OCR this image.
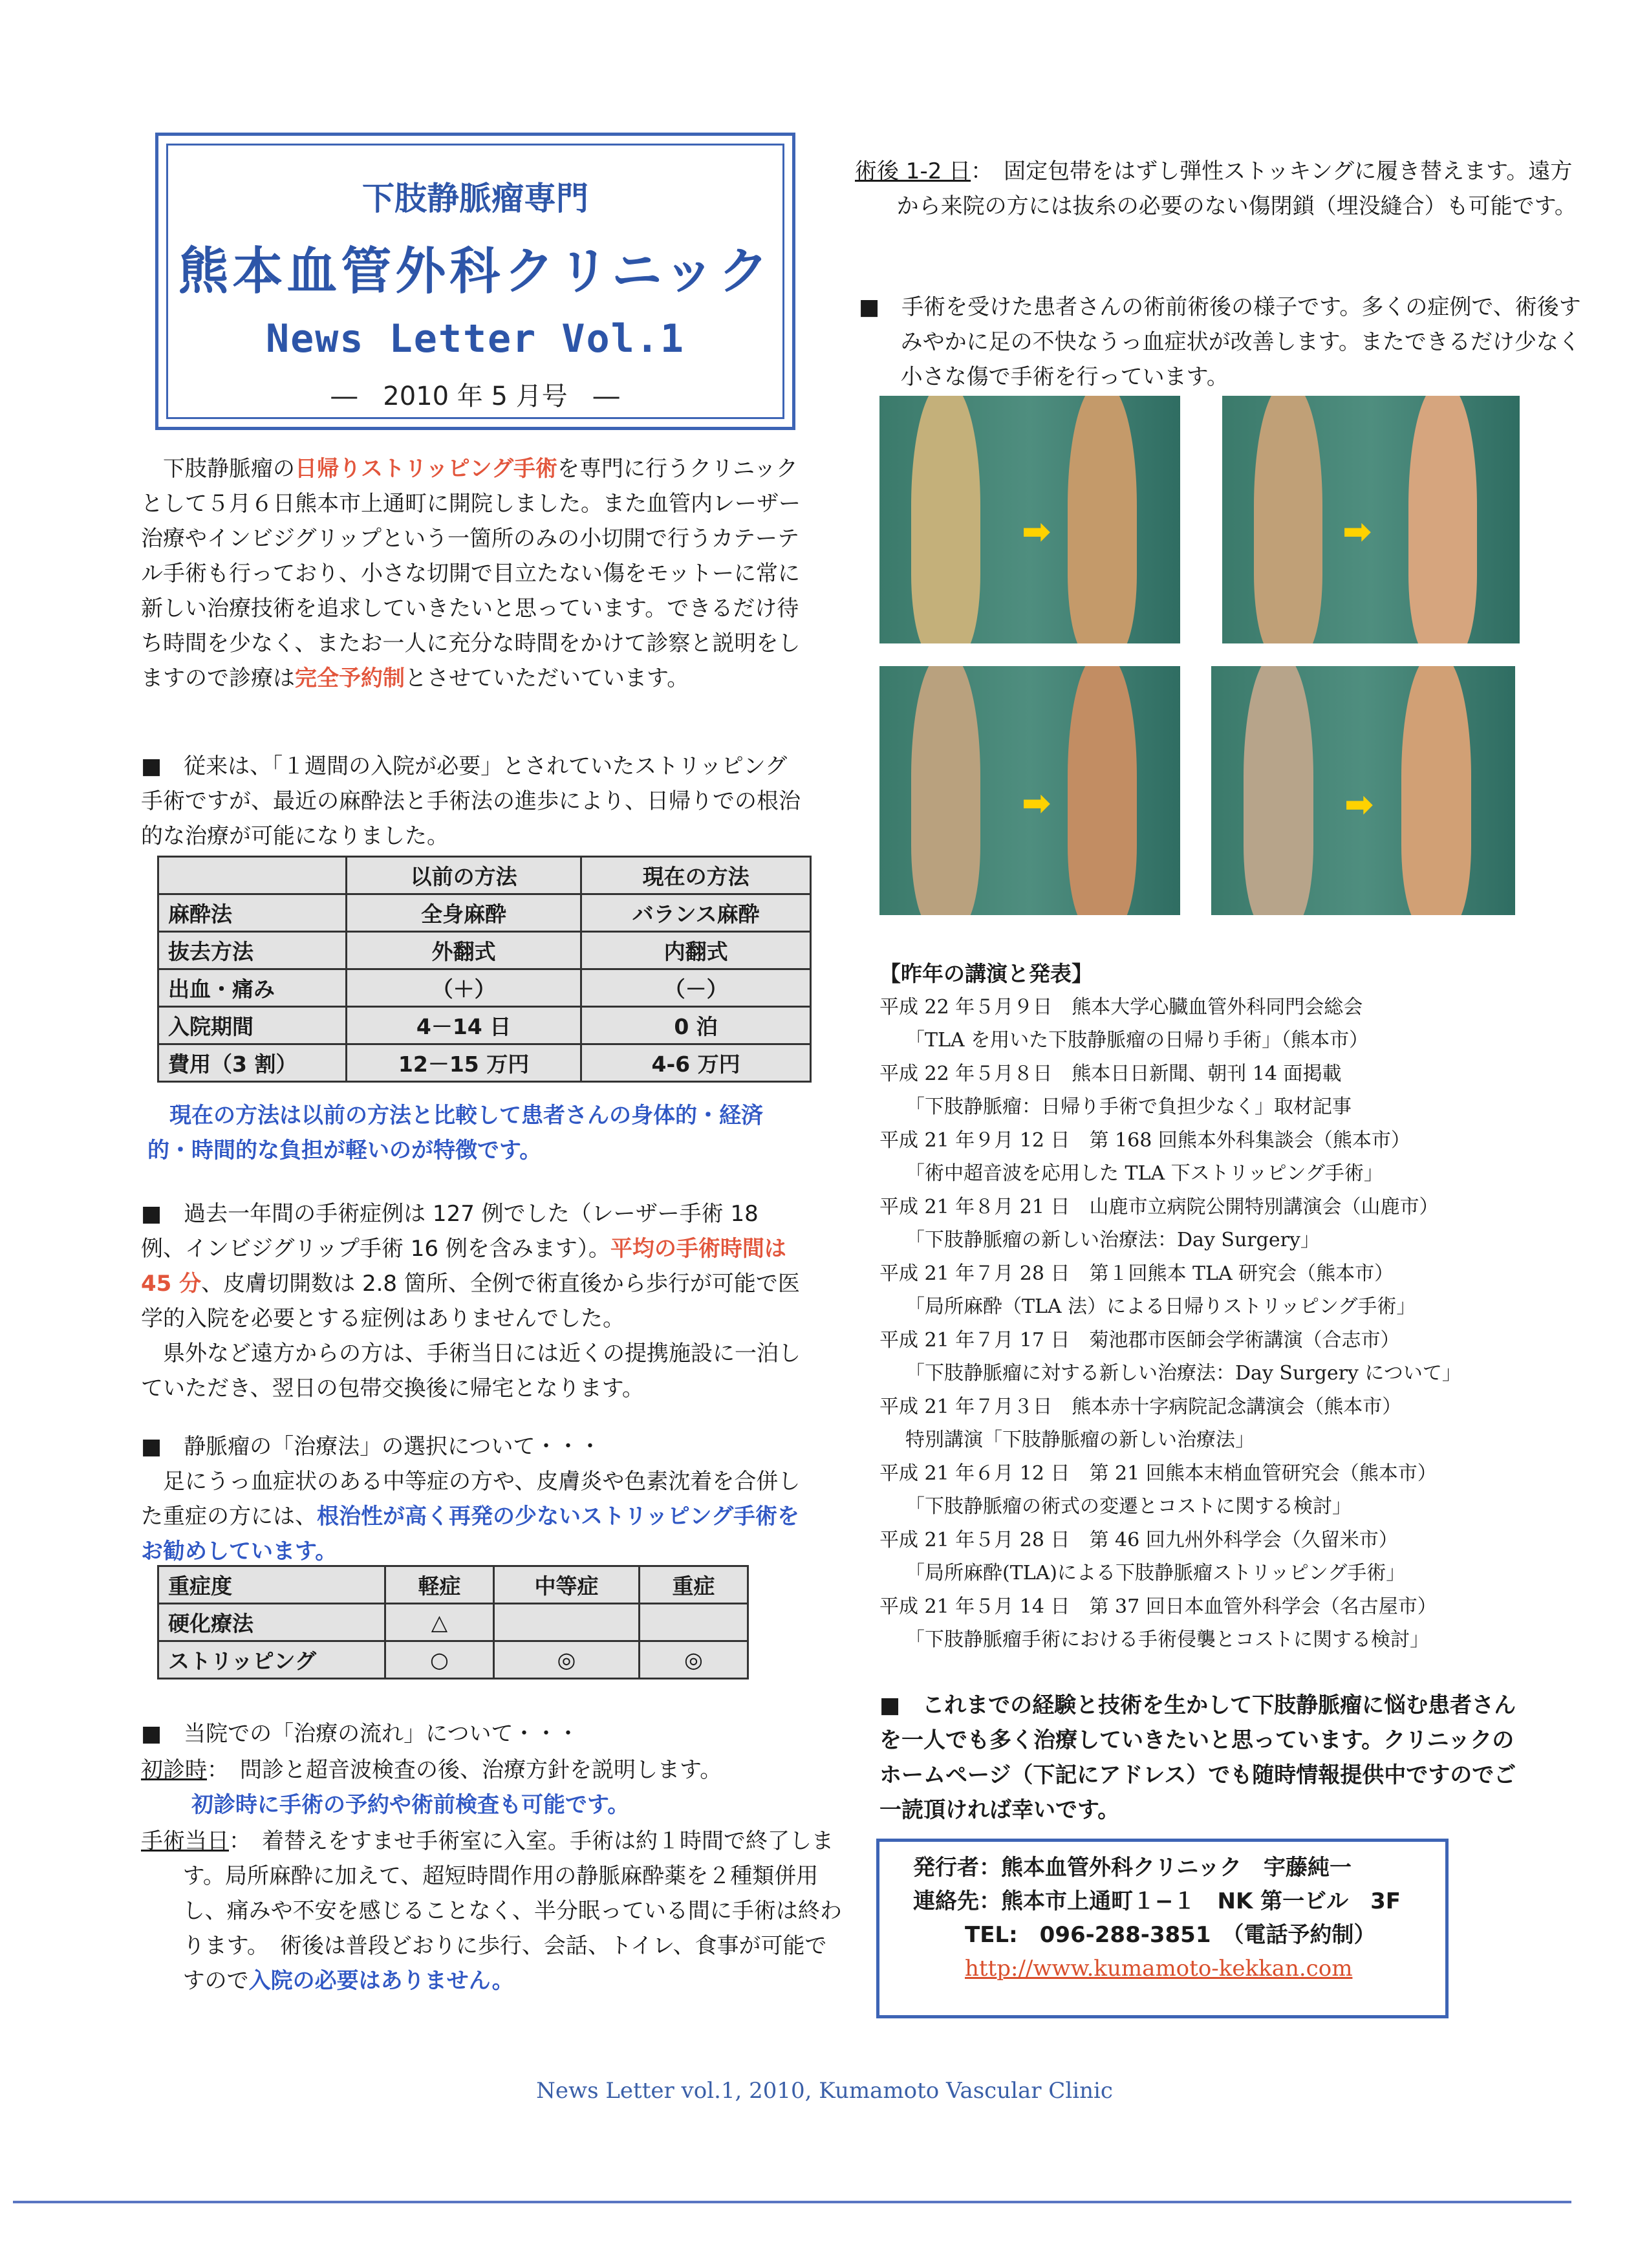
下肢静脈瘤専門
熊本血管外科クリニック
News Letter Vol.1
―　2010 年 5 月号　―

下肢静脈瘤の日帰りストリッピング手術を専門に行うクリニックとして５月６日熊本市上通町に開院しました。また血管内レーザー治療やインビジグリップという一箇所のみの小切開で行うカテーテル手術も行っており、小さな切開で目立たない傷をモットーに常に新しい治療技術を追求していきたいと思っています。できるだけ待ち時間を少なく、またお一人に充分な時間をかけて診察と説明をしますので診療は完全予約制とさせていただいています。

■　従来は、「１週間の入院が必要」とされていたストリッピング手術ですが、最近の麻酔法と手術法の進歩により、日帰りでの根治的な治療が可能になりました。

	以前の方法	現在の方法
麻酔法	全身麻酔	バランス麻酔
抜去方法	外翻式	内翻式
出血・痛み	（＋）	（－）
入院期間	4－14 日	0 泊
費用（3 割）	12－15 万円	4-6 万円

現在の方法は以前の方法と比較して患者さんの身体的・経済的・時間的な負担が軽いのが特徴です。

■　過去一年間の手術症例は 127 例でした（レーザー手術 18 例、インビジグリップ手術 16 例を含みます）。平均の手術時間は 45 分、皮膚切開数は 2.8 箇所、全例で術直後から歩行が可能で医学的入院を必要とする症例はありませんでした。

県外など遠方からの方は、手術当日には近くの提携施設に一泊していただき、翌日の包帯交換後に帰宅となります。

■　静脈瘤の「治療法」の選択について・・・

足にうっ血症状のある中等症の方や、皮膚炎や色素沈着を合併した重症の方には、根治性が高く再発の少ないストリッピング手術をお勧めしています。

重症度	軽症	中等症	重症
硬化療法	△		
ストリッピング	○	◎	◎

■　当院での「治療の流れ」について・・・

初診時：　問診と超音波検査の後、治療方針を説明します。

初診時に手術の予約や術前検査も可能です。

手術当日：　着替えをすませ手術室に入室。手術は約１時間で終了します。局所麻酔に加えて、超短時間作用の静脈麻酔薬を２種類併用し、痛みや不安を感じることなく、半分眠っている間に手術は終わります。　術後は普段どおりに歩行、会話、トイレ、食事が可能ですので入院の必要はありません。

術後 1-2 日：　固定包帯をはずし弾性ストッキングに履き替えます。遠方から来院の方には抜糸の必要のない傷閉鎖（埋没縫合）も可能です。

■　手術を受けた患者さんの術前術後の様子です。多くの症例で、術後すみやかに足の不快なうっ血症状が改善します。またできるだけ少なく小さな傷で手術を行っています。

➡	➡
➡	➡
【昨年の講演と発表】

平成 22 年５月９日　熊本大学心臓血管外科同門会総会

「TLA を用いた下肢静脈瘤の日帰り手術」（熊本市）

平成 22 年５月８日　熊本日日新聞、朝刊 14 面掲載

「下肢静脈瘤：日帰り手術で負担少なく」取材記事

平成 21 年９月 12 日　第 168 回熊本外科集談会（熊本市）

「術中超音波を応用した TLA 下ストリッピング手術」

平成 21 年８月 21 日　山鹿市立病院公開特別講演会（山鹿市）

「下肢静脈瘤の新しい治療法：Day Surgery」

平成 21 年７月 28 日　第１回熊本 TLA 研究会（熊本市）

「局所麻酔（TLA 法）による日帰りストリッピング手術」

平成 21 年７月 17 日　菊池郡市医師会学術講演（合志市）

「下肢静脈瘤に対する新しい治療法：Day Surgery について」

平成 21 年７月３日　熊本赤十字病院記念講演会（熊本市）

特別講演「下肢静脈瘤の新しい治療法」

平成 21 年６月 12 日　第 21 回熊本末梢血管研究会（熊本市）

「下肢静脈瘤の術式の変遷とコストに関する検討」

平成 21 年５月 28 日　第 46 回九州外科学会（久留米市）

「局所麻酔(TLA)による下肢静脈瘤ストリッピング手術」

平成 21 年５月 14 日　第 37 回日本血管外科学会（名古屋市）

「下肢静脈瘤手術における手術侵襲とコストに関する検討」

■　これまでの経験と技術を生かして下肢静脈瘤に悩む患者さんを一人でも多く治療していきたいと思っています。クリニックのホームページ（下記にアドレス）でも随時情報提供中ですのでご一読頂ければ幸いです。

発行者：熊本血管外科クリニック　宇藤純一
連絡先：熊本市上通町１−１　NK 第一ビル　3F
TEL:　096-288-3851　（電話予約制）
http://www.kumamoto-kekkan.com
News Letter vol.1, 2010, Kumamoto Vascular Clinic
